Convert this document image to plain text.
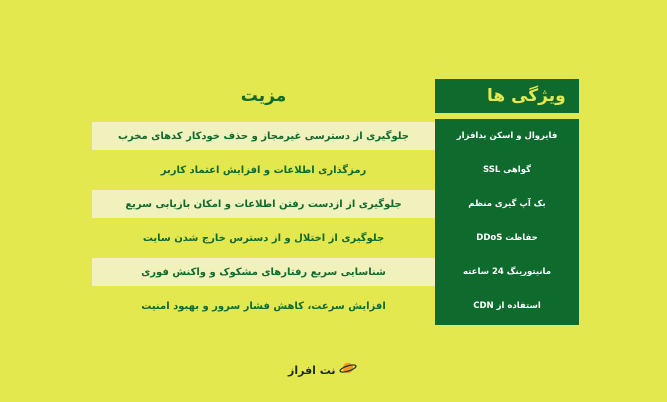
ویژگی ها
مزیت
فایروال و اسکن بدافزار
جلوگیری از دسترسی غیرمجاز و حذف خودکار کدهای مخرب
گواهی SSL
رمزگذاری اطلاعات و افزایش اعتماد کاربر
بک آپ گیری منظم
جلوگیری از ازدست رفتن اطلاعات و امکان بازیابی سریع
حفاظت DDoS
جلوگیری از اختلال و از دسترس خارج شدن سایت
مانیتورینگ 24 ساعته
شناسایی سریع رفتارهای مشکوک و واکنش فوری
استفاده از CDN
افزایش سرعت، کاهش فشار سرور و بهبود امنیت
نت افراز
